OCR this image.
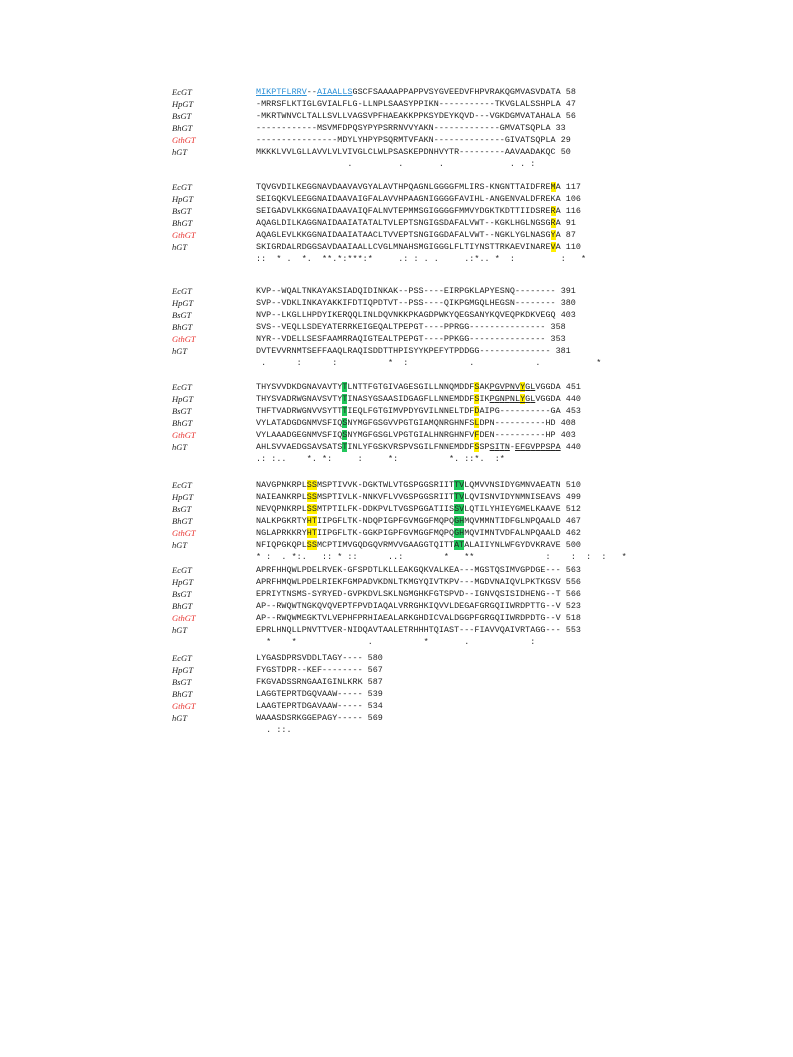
EcGT	MIKPTFLRRV--AIAALLSGSCFSAAAAPPAPPVSYGVEEDVFHPVRAKQGMVASVDATA 58
HpGT	-MRRSFLKTIGLGVIALFLG-LLNPLSAASYPPIKN-----------TKVGLALSSHPLA 47
BsGT	-MKRTWNVCLTALLSVLLVAGSVPFHAEAKKPPKSYDEYKQVD---VGKDGMVATAHALA 56
BhGT	------------MSVMFDPQSYPYPSRRNVVYAKN-------------GMVATSQPLA 33
GthGT	----------------MDYLYHPYPSQRMTVFAKN--------------GIVATSQPLA 29
hGT	MKKKLVVLGLLAVVLVLVIVGLCLWLPSASKEPDNHVYTR---------AAVAADAKQC 50
.	.	.	. . :
EcGT	TQVGVDILKEGGNAVDAAVAVGYALAVTHPQAGNLGGGGFMLIRS-KNGNTTAIDFREMA 117
HpGT	SEIGQKVLEEGGNAIDAAVAIGFALAVVHPAAGNIGGGGFAVIHL-ANGENVALDFREKA 106
BsGT	SEIGADVLKKGGNAIDAAVAIQFALNVTEPMMSGIGGGGFMMVYDGKTKDTTIIDSRERA 116
BhGT	AQAGLDILKAGGNAIDAAIATATALTVLEPTSNGIGSDAFALVWT--KGKLHGLNGSGRA 91
GthGT	AQAGLEVLKKGGNAIDAAIATAACLTVVEPTSNGIGGDAFALVWT--NGKLYGLNASGYA 87
hGT	SKIGRDALRDGGSAVDAAIAALLCVGLMNAHSMGIGGGLFLTIYNSTTRKAEVINAREVA 110
:: * . *. **.*:***:*	.: : . .	.:*.. * :	: *
EcGT	KVP--WQALTNKAYAKSIADQIDINKAK--PSS----EIRPGKLAPYESNQ-------- 391
HpGT	SVP--VDKLINKAYAKKIFDTIQPDTVT--PSS----QIKPGMGQLHEGSN-------- 380
BsGT	NVP--LKGLLHPDYIKERQQLINLDQVNKKPKAGDPWKYQEGSANYKQVEQPKDKVEGQ 403
BhGT	SVS--VEQLLSDEYATERRKEIGEQALTPEPGT----PPRGG--------------- 358
GthGT	NYR--VDELLSESFAAMRRAQIGTEALTPEPGT----PPKGG--------------- 353
hGT	DVTEVVRNMTSEFFAAQLRAQISDDTTHPISYYKPEFYTPDDGG-------------- 381
.	:	:	* :	.	.	*
EcGT	THYSVVDKDGNAVAVTYTLNTTFGTGIVAGESGILLNNQMDDFSAKPGVPNVYGLVGGDA 451
HpGT	THYSVADRWGNAVSVTYTINASYGSAASIDGAGFLLNNEMDDFSIKPGNPNLYGLVGGDA 440
BsGT	THFTVADRWGNVVSYTTTIEQLFGTGIMVPDYGVILNNELTDFDAIPG----------GA 453
BhGT	VYLATADGDGNMVSFIQSNYMGFGSGVVPGTGIAMQNRGHNFSLDPN----------HD 408
GthGT	VYLAAADGEGNMVSFIQSNYMGFGSGLVPGTGIALHNRGHNFVFDEN----------HP 403
hGT	AHLSVVAEDGSAVSATSTINLYFGSKVRSPVSGILFNNEMDDFSSPSITN-EFGVPPSPA 440
.: :.. *. *:	:	*:	*. ::*. :*
EcGT	NAVGPNKRPLSSMSPTIVVK-DGKTWLVTGSPGGSRIITTVLQMVVNSIDYGMNVAEATN 510
HpGT	NAIEANKRPLSSMSPTIVLK-NNKVFLVVGSPGGSRIITTVLQVISNVIDYNMNISEAVS 499
BsGT	NEVQPNKRPLSSMTPTILFK-DDKPVLTVGSPGGATIISSVLQTILYHIEYGMELKAAVE 512
BhGT	NALKPGKRTYHTIIPGFLTK-NDQPIGPFGVMGGFMQPQGHMQVMMNTIDFGLNPQAALD 467
GthGT	NGLAPRKKRYHTIIPGFLTK-GGKPIGPFGVMGGFMQPQGHMQVIMNTVDFALNPQAALD 462
hGT	NFIQPGKQPLSSMCPTIMVGQDGQVRMVVGAAGGTQITTATALAIIYNLWFGYDVKRAVE 500
* : . *:. :: * ::	..:	* **	: : : : *
EcGT	APRFHHQWLPDELRVEK-GFSPDTLKLLEAKGQKVALKEA---MGSTQSIMVGPDGE--- 563
HpGT	APRFHMQWLPDELRIEKFGMPADVKDNLTKMGYQIVTKPV---MGDVNAIQVLPKTKGSV 556
BsGT	EPRIYTNSMS-SYRYED-GVPKDVLSKLNGMGHKFGTSPVD--IGNVQSISIDHENG--T 566
BhGT	AP--RWQWTNGKQVQVEPTFPVDIAQALVRRGHKIQVVLDEGAFGRGQIIWRDPTTG--V 523
GthGT	AP--RWQWMEGKTVLVEPHFPRHIAEALARKGHDICVALDGGPFGRGQIIWRDPDTG--V 518
hGT	EPRLHNQLLPNVTTVER-NIDQAVTAALETRHHHTQIAST---FIAVVQAIVRTAGG--- 553
* *	.	*	.	:
EcGT	LYGASDPRSVDDLTAGY---- 580
HpGT	FYGSTDPR--KEF-------- 567
BsGT	FKGVADSSRNGAAIGINLKRK 587
BhGT	LAGGTEPRTDGQVAAW----- 539
GthGT	LAAGTEPRTDGAVAAW----- 534
hGT	WAAASDSRKGGEPAGY----- 569
. ::.
